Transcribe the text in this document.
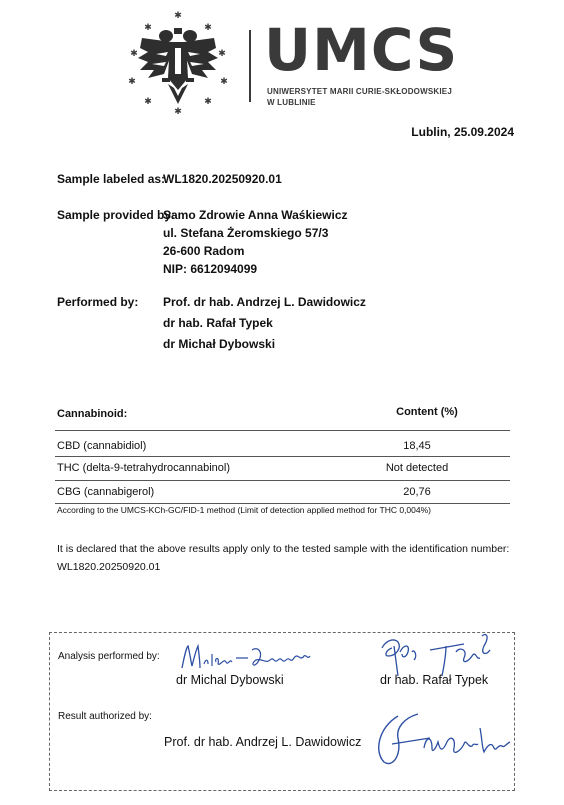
✱
✱	✱
✱	✱
✱	✱
✱	✱
✱
UMCS
UNIWERSYTET MARII CURIE-SKŁODOWSKIEJ
W LUBLINIE
Lublin, 25.09.2024
Sample labeled as:
WL1820.20250920.01
Sample provided by:
Samo Zdrowie Anna Waśkiewicz
ul. Stefana Żeromskiego 57/3
26-600 Radom
NIP: 6612094099
Performed by: Prof. dr hab. Andrzej L. Dawidowicz
dr hab. Rafał Typek
dr Michał Dybowski
Cannabinoid:	Content (%)
CBD (cannabidiol)	18,45
THC (delta-9-tetrahydrocannabinol)	Not detected
CBG (cannabigerol)	20,76
According to the UMCS-KCh-GC/FID-1 method (Limit of detection applied method for THC 0,004%)
It is declared that the above results apply only to the tested sample with the identification number: WL1820.20250920.01
Analysis performed by:
dr Michal Dybowski	dr hab. Rafał Typek
Result authorized by:
Prof. dr hab. Andrzej L. Dawidowicz
